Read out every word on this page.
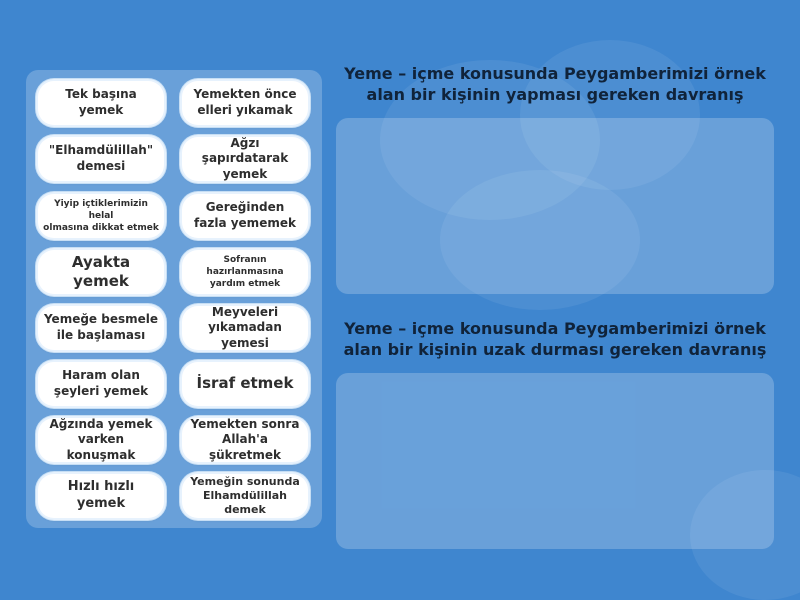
Tek başına
yemek
Yemekten önce
elleri yıkamak
"Elhamdülillah"
demesi
Ağzı şapırdatarak
yemek
Yiyip içtiklerimizin helal
olmasına dikkat etmek
Gereğinden
fazla yememek
Ayakta yemek
Sofranın hazırlanmasına
yardım etmek
Yemeğe besmele
ile başlaması
Meyveleri
yıkamadan yemesi
Haram olan
şeyleri yemek	İsraf etmek
Ağzında yemek
varken konuşmak
Yemekten sonra
Allah'a şükretmek
Hızlı hızlı yemek
Yemeğin sonunda
Elhamdülillah demek
Yeme – içme konusunda Peygamberimizi örnek
alan bir kişinin yapması gereken davranış
Yeme – içme konusunda Peygamberimizi örnek
alan bir kişinin uzak durması gereken davranış
